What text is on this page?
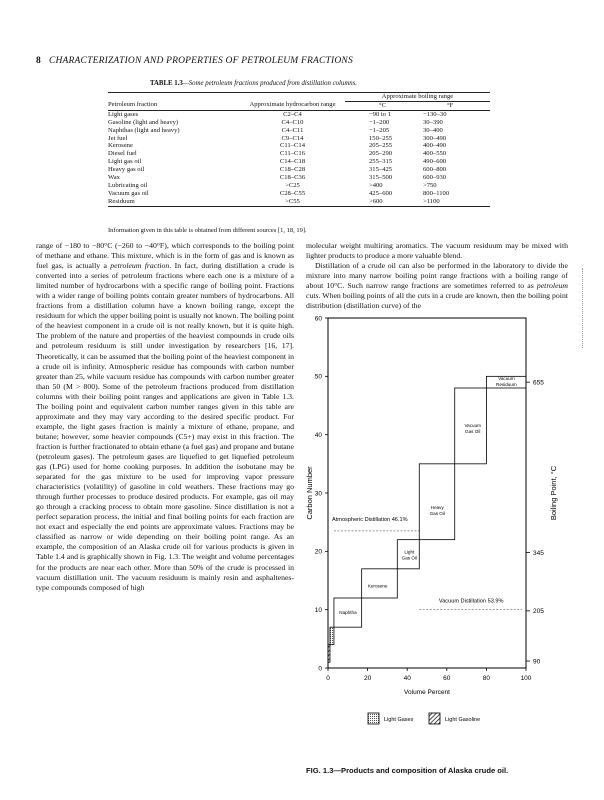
8 CHARACTERIZATION AND PROPERTIES OF PETROLEUM FRACTIONS
TABLE 1.3—Some petroleum fractions produced from distillation columns.
		Approximate boiling range	
Petroleum fraction	Approximate hydrocarbon range	°C	°F
Light gases	C2–C4	−90 to 1	−130–30
Gasoline (light and heavy)	C4–C10	−1–200	30–390
Naphthas (light and heavy)	C4–C11	−1–205	30–400
Jet fuel	C9–C14	150–255	300–490
Kerosene	C11–C14	205–255	400–490
Diesel fuel	C11–C16	205–290	400–550
Light gas oil	C14–C18	255–315	490–600
Heavy gas oil	C18–C28	315–425	600–800
Wax	C18–C36	315–500	600–930
Lubricating oil	>C25	>400	>750
Vacuum gas oil	C28–C55	425–600	800–1100
Residuum	>C55	>600	>1100
Information given in this table is obtained from different sources [1, 18, 19].

range of −180 to −80°C (−260 to −40°F), which corresponds to the boiling point of methane and ethane. This mixture, which is in the form of gas and is known as fuel gas, is actually a petroleum fraction. In fact, during distillation a crude is converted into a series of petroleum fractions where each one is a mixture of a limited number of hydrocarbons with a specific range of boiling point. Fractions with a wider range of boiling points contain greater numbers of hydrocarbons. All fractions from a distillation column have a known boiling range, except the residuum for which the upper boiling point is usually not known. The boiling point of the heaviest component in a crude oil is not really known, but it is quite high. The problem of the nature and properties of the heaviest compounds in crude oils and petroleum residuum is still under investigation by researchers [16, 17]. Theoretically, it can be assumed that the boiling point of the heaviest component in a crude oil is infinity. Atmospheric residue has compounds with carbon number greater than 25, while vacuum residue has compounds with carbon number greater than 50 (M > 800). Some of the petroleum fractions produced from distillation columns with their boiling point ranges and applications are given in Table 1.3. The boiling point and equivalent carbon number ranges given in this table are approximate and they may vary according to the desired specific product. For example, the light gases fraction is mainly a mixture of ethane, propane, and butane; however, some heavier compounds (C5+) may exist in this fraction. The fraction is further fractionated to obtain ethane (a fuel gas) and propane and butane (petroleum gases). The petroleum gases are liquefied to get liquefied petroleum gas (LPG) used for home cooking purposes. In addition the isobutane may be separated for the gas mixture to be used for improving vapor pressure characteristics (volatility) of gasoline in cold weathers. These fractions may go through further processes to produce desired products. For example, gas oil may go through a cracking process to obtain more gasoline. Since distillation is not a perfect separation process, the initial and final boiling points for each fraction are not exact and especially the end points are approximate values. Fractions may be classified as narrow or wide depending on their boiling point range. As an example, the composition of an Alaska crude oil for various products is given in Table 1.4 and is graphically shown in Fig. 1.3. The weight and volume percentages for the products are near each other. More than 50% of the crude is processed in vacuum distillation unit. The vacuum residuum is mainly resin and asphaltenes-type compounds composed of high

molecular weight multiring aromatics. The vacuum residuum may be mixed with lighter products to produce a more valuable blend.

Distillation of a crude oil can also be performed in the laboratory to divide the mixture into many narrow boiling point range fractions with a boiling range of about 10°C. Such narrow range fractions are sometimes referred to as petroleum cuts. When boiling points of all the cuts in a crude are known, then the boiling point distribution (distillation curve) of the

0	20	40	60	80	100
0
10
20
30
40
50
60
90
205
345
655
Volume Percent
Carbon Number	Boiling Point, °C
Naphtha
Kerosene
Light
Gas Oil
Heavy
Gas Oil
Vacuum
Gas Oil
Vacuum
Residuum
Atmospheric Distillation 46.1%
Vacuum Distillation 53.9%
Light Gases	Light Gasoline
FIG. 1.3—Products and composition of Alaska crude oil.
